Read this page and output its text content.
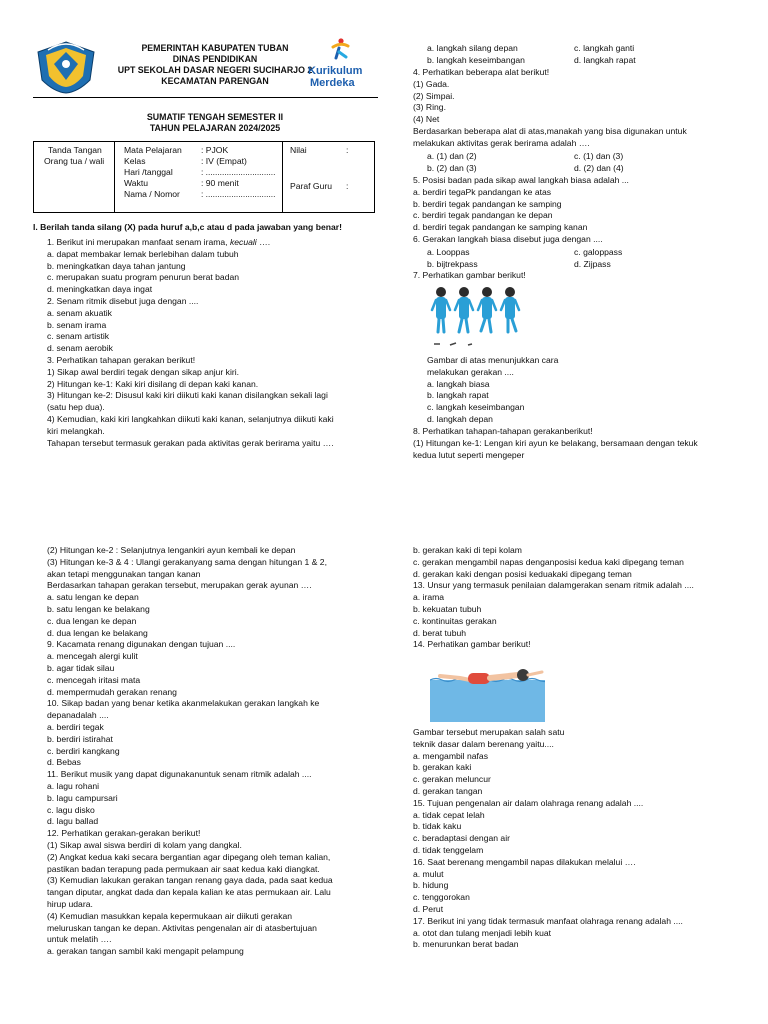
PEMERINTAH KABUPATEN TUBAN
DINAS PENDIDIKAN
UPT SEKOLAH DASAR NEGERI SUCIHARJO 2
KECAMATAN PARENGAN
Kurikulum
Merdeka
SUMATIF TENGAH SEMESTER II
TAHUN PELAJARAN 2024/2025
Tanda Tangan
Orang tua / wali
Mata Pelajaran : PJOK
Kelas	: IV (Empat)
Hari /tanggal	: ..............................
Waktu	: 90 menit
Nama / Nomor	: ..............................
Nilai	:
Paraf Guru :
I. Berilah tanda silang (X) pada huruf a,b,c atau d pada jawaban yang benar!
1. Berikut ini merupakan manfaat senam irama, kecuali ….
a. dapat membakar lemak berlebihan dalam tubuh
b. meningkatkan daya tahan jantung
c. merupakan suatu program penurun berat badan
d. meningkatkan daya ingat
2. Senam ritmik disebut juga dengan ....
a. senam akuatik
b. senam irama
c. senam artistik
d. senam aerobik
3. Perhatikan tahapan gerakan berikut!
1) Sikap awal berdiri tegak dengan sikap anjur kiri.
2) Hitungan ke-1: Kaki kiri disilang di depan kaki kanan.
3) Hitungan ke-2: Disusul kaki kiri diikuti kaki kanan disilangkan sekali lagi
(satu hep dua).
4) Kemudian, kaki kiri langkahkan diikuti kaki kanan, selanjutnya diikuti kaki
kiri melangkah.
Tahapan tersebut termasuk gerakan pada aktivitas gerak berirama yaitu ….
a. langkah silang depan	c. langkah ganti
b. langkah keseimbangan	d. langkah rapat
4. Perhatikan beberapa alat berikut!
(1) Gada.
(2) Simpai.
(3) Ring.
(4) Net
Berdasarkan beberapa alat di atas,manakah yang bisa digunakan untuk
melakukan aktivitas gerak berirama adalah ….
a. (1) dan (2)	c. (1) dan (3)
b. (2) dan (3)	d. (2) dan (4)
5. Posisi badan pada sikap awal langkah biasa adalah ...
a. berdiri tegaPk pandangan ke atas
b. berdiri tegak pandangan ke samping
c. berdiri tegak pandangan ke depan
d. berdiri tegak pandangan ke samping kanan
6. Gerakan langkah biasa disebut juga dengan ....
a. Looppas	c. galoppass
b. bijtrekpass	d. Zijpass
7. Perhatikan gambar berikut!
Gambar di atas menunjukkan cara
melakukan gerakan ....
a. langkah biasa
b. langkah rapat
c. langkah keseimbangan
d. langkah depan
8. Perhatikan tahapan-tahapan gerakanberikut!
(1) Hitungan ke-1: Lengan kiri ayun ke belakang, bersamaan dengan tekuk
kedua lutut seperti mengeper
(2) Hitungan ke-2 : Selanjutnya lengankiri ayun kembali ke depan
(3) Hitungan ke-3 & 4 : Ulangi gerakanyang sama dengan hitungan 1 & 2,
akan tetapi menggunakan tangan kanan
Berdasarkan tahapan gerakan tersebut, merupakan gerak ayunan ….
a. satu lengan ke depan
b. satu lengan ke belakang
c. dua lengan ke depan
d. dua lengan ke belakang
9. Kacamata renang digunakan dengan tujuan ....
a. mencegah alergi kulit
b. agar tidak silau
c. mencegah iritasi mata
d. mempermudah gerakan renang
10. Sikap badan yang benar ketika akanmelakukan gerakan langkah ke
depanadalah ....
a. berdiri tegak
b. berdiri istirahat
c. berdiri kangkang
d. Bebas
11. Berikut musik yang dapat digunakanuntuk senam ritmik adalah ....
a. lagu rohani
b. lagu campursari
c. lagu disko
d. lagu ballad
12. Perhatikan gerakan-gerakan berikut!
(1) Sikap awal siswa berdiri di kolam yang dangkal.
(2) Angkat kedua kaki secara bergantian agar dipegang oleh teman kalian,
pastikan badan terapung pada permukaan air saat kedua kaki diangkat.
(3) Kemudian lakukan gerakan tangan renang gaya dada, pada saat kedua
tangan diputar, angkat dada dan kepala kalian ke atas permukaan air. Lalu
hirup udara.
(4) Kemudian masukkan kepala kepermukaan air diikuti gerakan
meluruskan tangan ke depan. Aktivitas pengenalan air di atasbertujuan
untuk melatih ….
a. gerakan tangan sambil kaki mengapit pelampung
b. gerakan kaki di tepi kolam
c. gerakan mengambil napas denganposisi kedua kaki dipegang teman
d. gerakan kaki dengan posisi keduakaki dipegang teman
13. Unsur yang termasuk penilaian dalamgerakan senam ritmik adalah ....
a. irama
b. kekuatan tubuh
c. kontinuitas gerakan
d. berat tubuh
14. Perhatikan gambar berikut!
Gambar tersebut merupakan salah satu
teknik dasar dalam berenang yaitu....
a. mengambil nafas
b. gerakan kaki
c. gerakan meluncur
d. gerakan tangan
15. Tujuan pengenalan air dalam olahraga renang adalah ....
a. tidak cepat lelah
b. tidak kaku
c. beradaptasi dengan air
d. tidak tenggelam
16. Saat berenang mengambil napas dilakukan melalui ….
a. mulut
b. hidung
c. tenggorokan
d. Perut
17. Berikut ini yang tidak termasuk manfaat olahraga renang adalah ....
a. otot dan tulang menjadi lebih kuat
b. menurunkan berat badan
